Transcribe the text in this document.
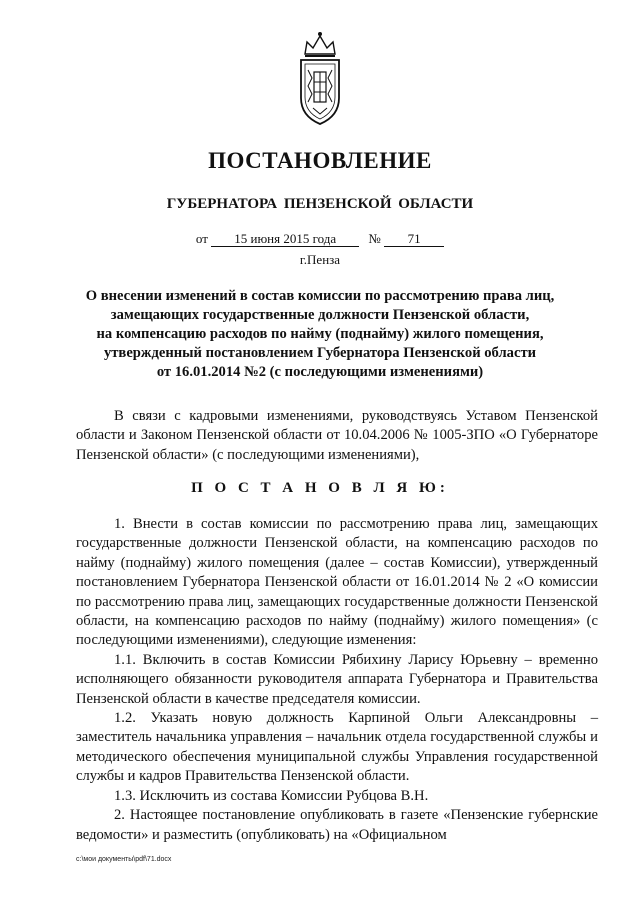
ПОСТАНОВЛЕНИЕ
ГУБЕРНАТОРА ПЕНЗЕНСКОЙ ОБЛАСТИ
от 15 июня 2015 года № 71
г.Пенза
О внесении изменений в состав комиссии по рассмотрению права лиц,
замещающих государственные должности Пензенской области,
на компенсацию расходов по найму (поднайму) жилого помещения,
утвержденный постановлением Губернатора Пензенской области
от 16.01.2014 №2 (с последующими изменениями)

В связи с кадровыми изменениями, руководствуясь Уставом Пензенской области и Законом Пензенской области от 10.04.2006 № 1005-ЗПО «О Губернаторе Пензенской области» (с последующими изменениями),

П О С Т А Н О В Л Я Ю:

1. Внести в состав комиссии по рассмотрению права лиц, замещающих государственные должности Пензенской области, на компенсацию расходов по найму (поднайму) жилого помещения (далее – состав Комиссии), утвержденный постановлением Губернатора Пензенской области от 16.01.2014 № 2 «О комиссии по рассмотрению права лиц, замещающих государственные должности Пензенской области, на компенсацию расходов по найму (поднайму) жилого помещения» (с последующими изменениями), следующие изменения:

1.1. Включить в состав Комиссии Рябихину Ларису Юрьевну – временно исполняющего обязанности руководителя аппарата Губернатора и Правительства Пензенской области в качестве председателя комиссии.

1.2. Указать новую должность Карпиной Ольги Александровны – заместитель начальника управления – начальник отдела государственной службы и методического обеспечения муниципальной службы Управления государственной службы и кадров Правительства Пензенской области.

1.3. Исключить из состава Комиссии Рубцова В.Н.

2. Настоящее постановление опубликовать в газете «Пензенские губернские ведомости» и разместить (опубликовать) на «Официальном

c:\мои документы\pdf\71.docx
